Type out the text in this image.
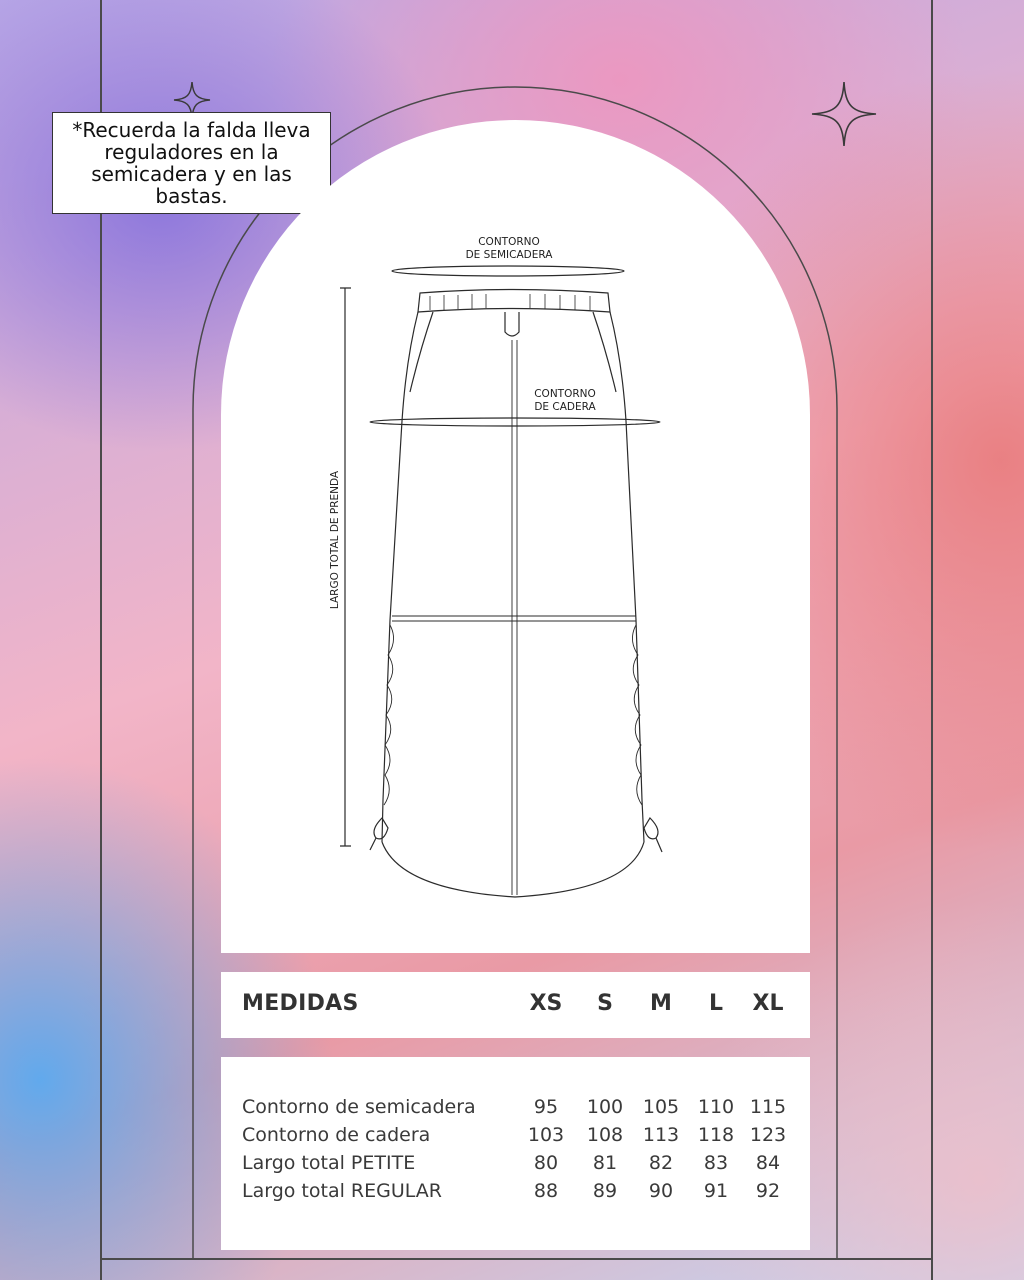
*Recuerda la falda lleva
reguladores en la
semicadera y en las
bastas.
CONTORNO
DE SEMICADERA
CONTORNO
DE CADERA
LARGO TOTAL DE PRENDA
MEDIDAS	XS	S	M	L	XL
Contorno de semicadera	95	100	105 110 115
Contorno de cadera	103	108	113 118 123
Largo total PETITE	80	81	82	83	84
Largo total REGULAR	88	89	90	91	92
